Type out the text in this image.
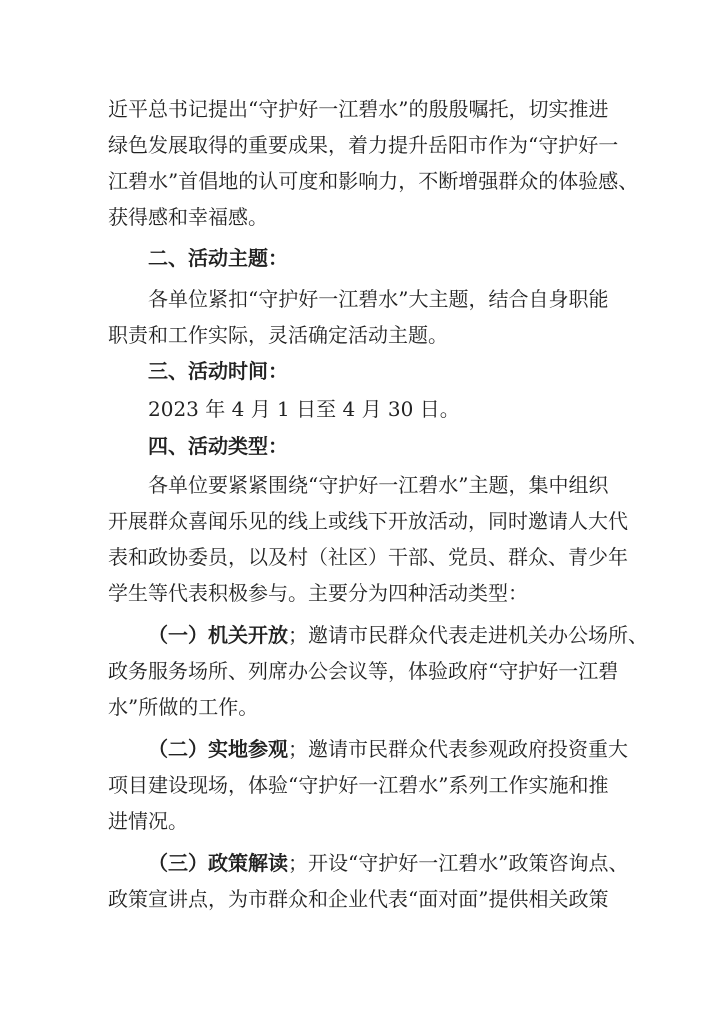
近平总书记提出“守护好一江碧水”的殷殷嘱托，切实推进
绿色发展取得的重要成果，着力提升岳阳市作为“守护好一
江碧水”首倡地的认可度和影响力，不断增强群众的体验感、
获得感和幸福感。
二、活动主题：
各单位紧扣“守护好一江碧水”大主题，结合自身职能
职责和工作实际，灵活确定活动主题。
三、活动时间：
2023 年 4 月 1 日至 4 月 30 日。
四、活动类型：
各单位要紧紧围绕“守护好一江碧水”主题，集中组织
开展群众喜闻乐见的线上或线下开放活动，同时邀请人大代
表和政协委员，以及村（社区）干部、党员、群众、青少年
学生等代表积极参与。主要分为四种活动类型：
（一）机关开放；邀请市民群众代表走进机关办公场所、
政务服务场所、列席办公会议等，体验政府“守护好一江碧
水”所做的工作。
（二）实地参观；邀请市民群众代表参观政府投资重大
项目建设现场，体验“守护好一江碧水”系列工作实施和推
进情况。
（三）政策解读；开设“守护好一江碧水”政策咨询点、
政策宣讲点，为市群众和企业代表“面对面”提供相关政策
